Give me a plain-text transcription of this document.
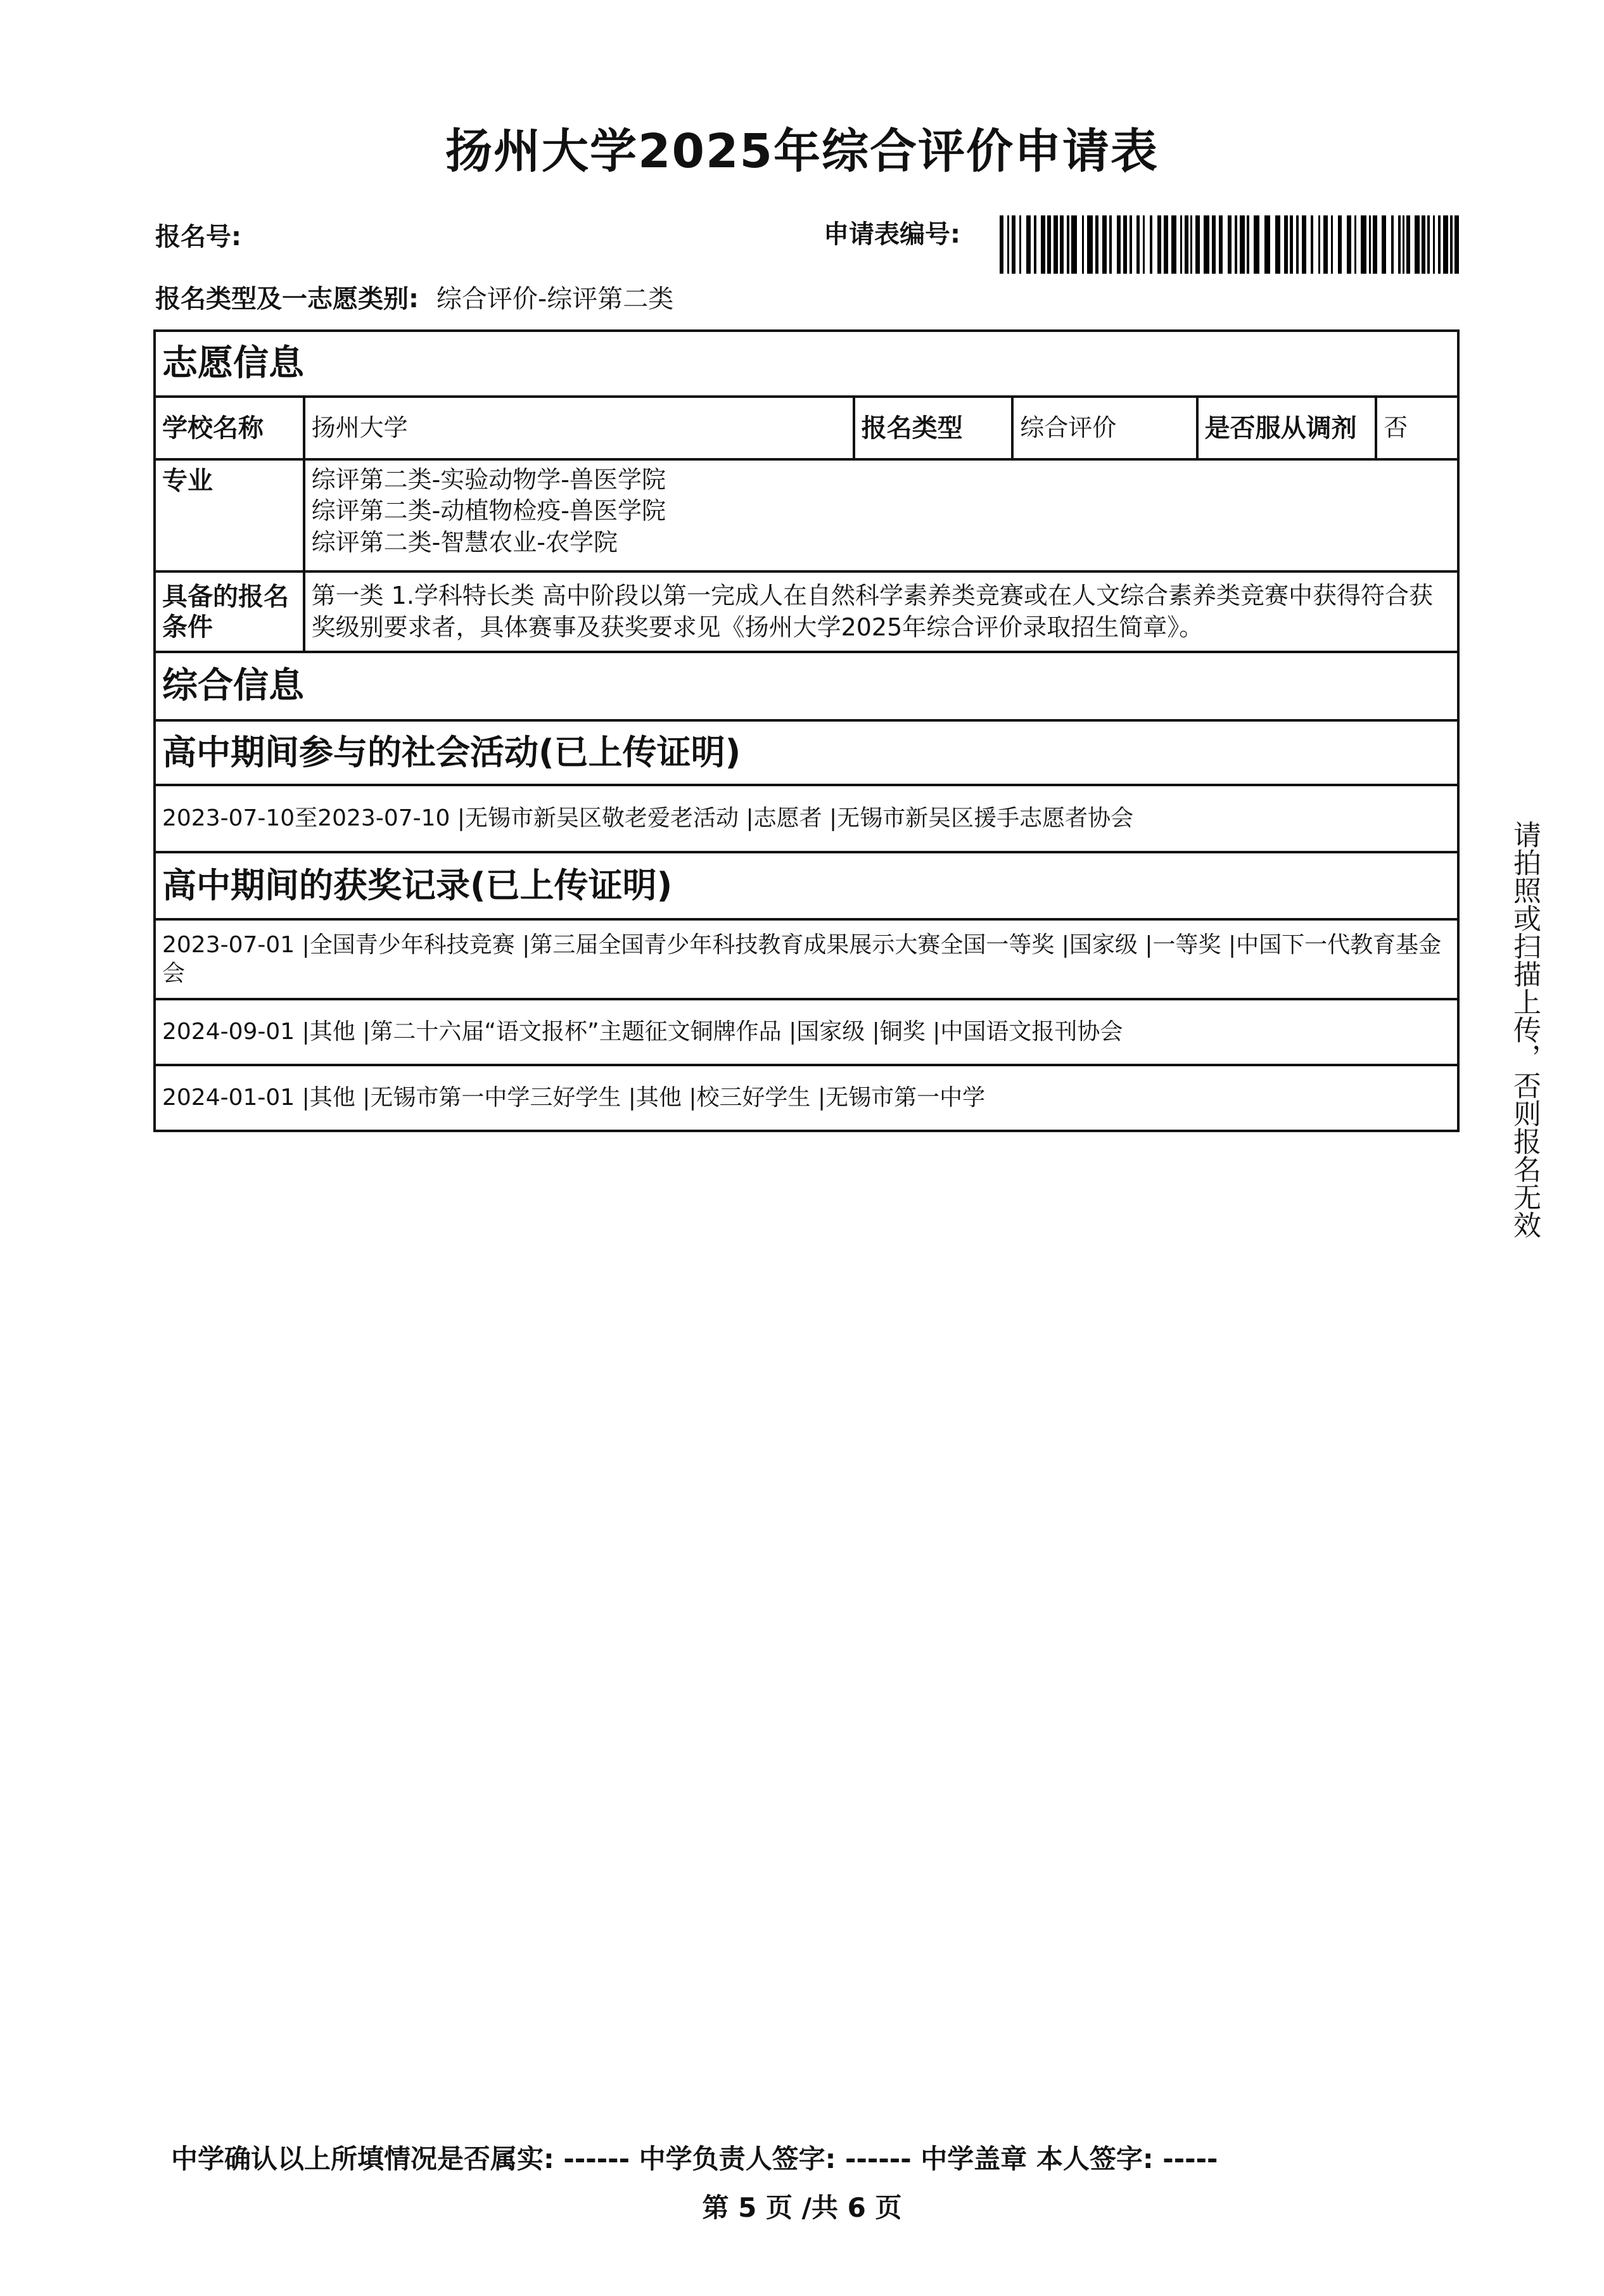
扬州大学2025年综合评价申请表
报名号:	申请表编号:
报名类型及一志愿类别: 综合评价-综评第二类
志愿信息					
学校名称	扬州大学	报名类型	综合评价	是否服从调剂	否
专业	综评第二类-实验动物学-兽医学院
综评第二类-动植物检疫-兽医学院
综评第二类-智慧农业-农学院				

具备的报名条件	第一类 1.学科特长类 高中阶段以第一完成人在自然科学素养类竞赛或在人文综合素养类竞赛中获得符合获奖级别要求者，具体赛事及获奖要求见《扬州大学2025年综合评价录取招生简章》。				
综合信息					
高中期间参与的社会活动(已上传证明)					
2023-07-10至2023-07-10 |无锡市新吴区敬老爱老活动 |志愿者 |无锡市新吴区援手志愿者协会					
高中期间的获奖记录(已上传证明)					
2023-07-01 |全国青少年科技竞赛 |第三届全国青少年科技教育成果展示大赛全国一等奖 |国家级 |一等奖 |中国下一代教育基金会					
2024-09-01 |其他 |第二十六届“语文报杯”主题征文铜牌作品 |国家级 |铜奖 |中国语文报刊协会					
2024-01-01 |其他 |无锡市第一中学三好学生 |其他 |校三好学生 |无锡市第一中学						请拍照或扫描上传，否则报名无效
中学确认以上所填情况是否属实: ------ 中学负责人签字: ------ 中学盖章 本人签字: -----
第 5 页 /共 6 页
